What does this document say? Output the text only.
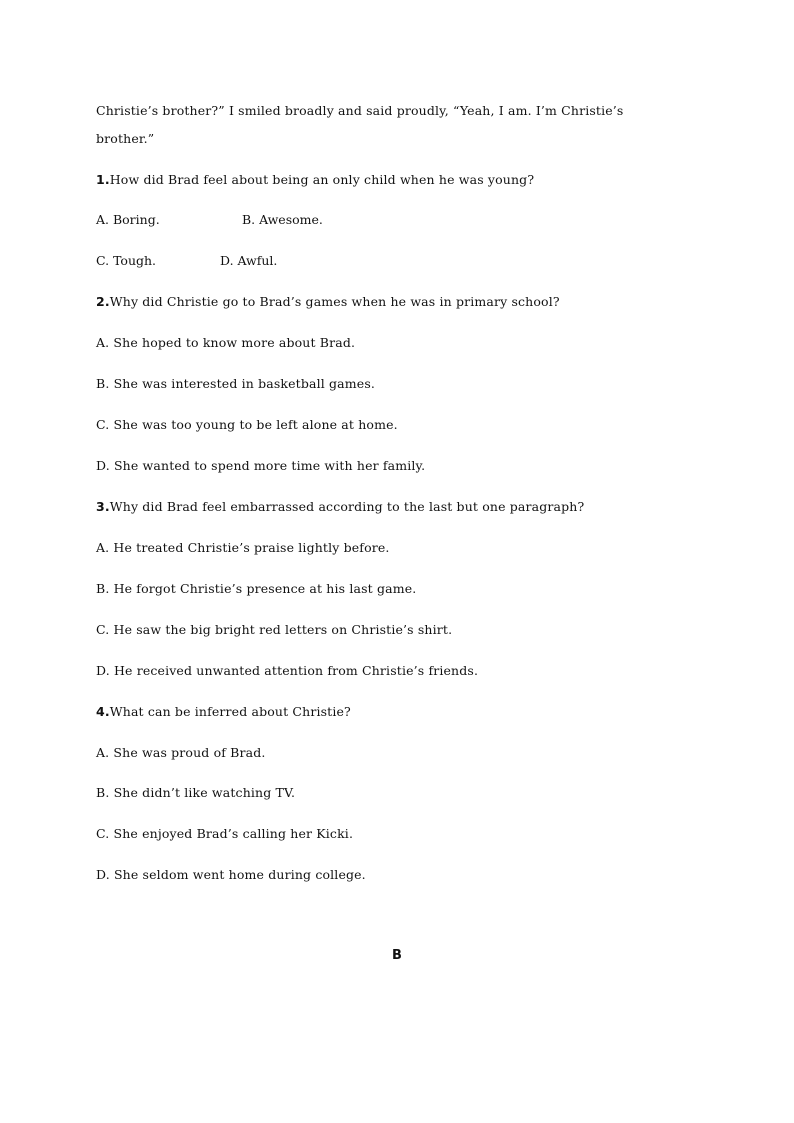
Christie’s brother?” I smiled broadly and said proudly, “Yeah, I am. I’m Christie’s
brother.”
1.How did Brad feel about being an only child when he was young?
A. Boring.	B. Awesome.
C. Tough.	D. Awful.
2.Why did Christie go to Brad’s games when he was in primary school?
A. She hoped to know more about Brad.
B. She was interested in basketball games.
C. She was too young to be left alone at home.
D. She wanted to spend more time with her family.
3.Why did Brad feel embarrassed according to the last but one paragraph?
A. He treated Christie’s praise lightly before.
B. He forgot Christie’s presence at his last game.
C. He saw the big bright red letters on Christie’s shirt.
D. He received unwanted attention from Christie’s friends.
4.What can be inferred about Christie?
A. She was proud of Brad.
B. She didn’t like watching TV.
C. She enjoyed Brad’s calling her Kicki.
D. She seldom went home during college.
B
